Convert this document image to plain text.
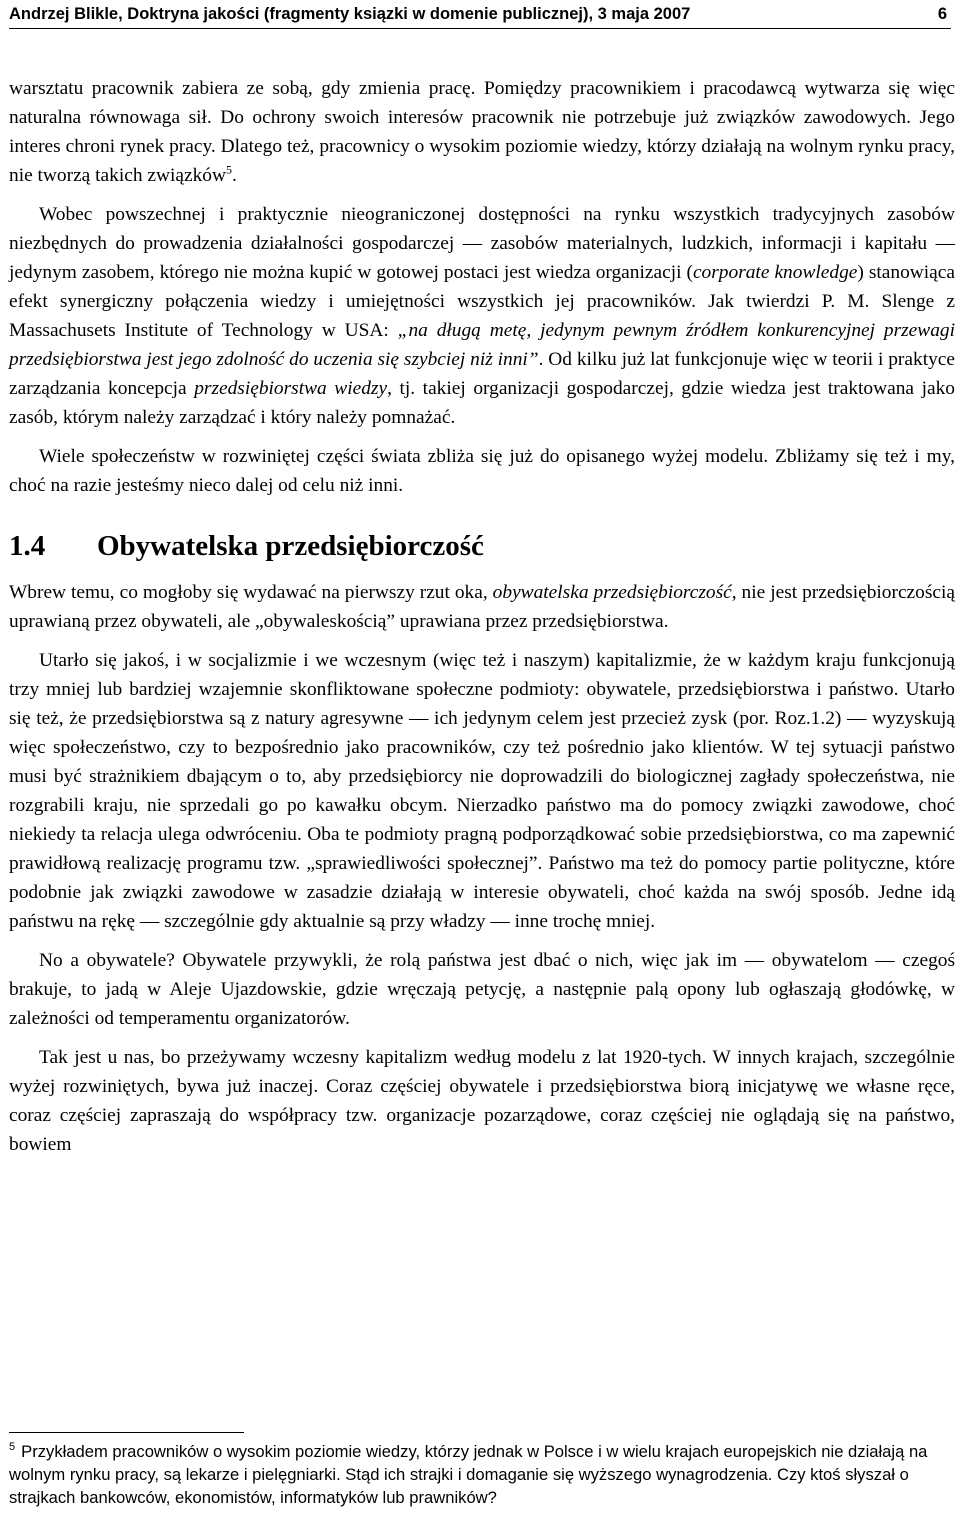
Andrzej Blikle, Doktryna jakości (fragmenty ksiązki w domenie publicznej), 3 maja 2007	6

warsztatu pracownik zabiera ze sobą, gdy zmienia pracę. Pomiędzy pracownikiem i pracodawcą wytwarza się więc naturalna równowaga sił. Do ochrony swoich interesów pracownik nie potrzebuje już związków zawodowych. Jego interes chroni rynek pracy. Dlatego też, pracownicy o wysokim poziomie wiedzy, którzy działają na wolnym rynku pracy, nie tworzą takich związków$^5$.

Wobec powszechnej i praktycznie nieograniczonej dostępności na rynku wszystkich tradycyjnych zasobów niezbędnych do prowadzenia działalności gospodarczej — zasobów materialnych, ludzkich, informacji i kapitału — jedynym zasobem, którego nie można kupić w gotowej postaci jest wiedza organizacji (corporate knowledge) stanowiąca efekt synergiczny połączenia wiedzy i umiejętności wszystkich jej pracowników. Jak twierdzi P. M. Slenge z Massachusets Institute of Technology w USA: „na długą metę, jedynym pewnym źródłem konkurencyjnej przewagi przedsiębiorstwa jest jego zdolność do uczenia się szybciej niż inni”. Od kilku już lat funkcjonuje więc w teorii i praktyce zarządzania koncepcja przedsiębiorstwa wiedzy, tj. takiej organizacji gospodarczej, gdzie wiedza jest traktowana jako zasób, którym należy zarządzać i który należy pomnażać.

Wiele społeczeństw w rozwiniętej części świata zbliża się już do opisanego wyżej modelu. Zbliżamy się też i my, choć na razie jesteśmy nieco dalej od celu niż inni.

1.4 Obywatelska przedsiębiorczość

Wbrew temu, co mogłoby się wydawać na pierwszy rzut oka, obywatelska przedsiębiorczość, nie jest przedsiębiorczością uprawianą przez obywateli, ale „obywaleskością” uprawiana przez przedsiębiorstwa.

Utarło się jakoś, i w socjalizmie i we wczesnym (więc też i naszym) kapitalizmie, że w każdym kraju funkcjonują trzy mniej lub bardziej wzajemnie skonfliktowane społeczne podmioty: obywatele, przedsiębiorstwa i państwo. Utarło się też, że przedsiębiorstwa są z natury agresywne — ich jedynym celem jest przecież zysk (por. Roz.1.2) — wyzyskują więc społeczeństwo, czy to bezpośrednio jako pracowników, czy też pośrednio jako klientów. W tej sytuacji państwo musi być strażnikiem dbającym o to, aby przedsiębiorcy nie doprowadzili do biologicznej zagłady społeczeństwa, nie rozgrabili kraju, nie sprzedali go po kawałku obcym. Nierzadko państwo ma do pomocy związki zawodowe, choć niekiedy ta relacja ulega odwróceniu. Oba te podmioty pragną podporządkować sobie przedsiębiorstwa, co ma zapewnić prawidłową realizację programu tzw. „sprawiedliwości społecznej”. Państwo ma też do pomocy partie polityczne, które podobnie jak związki zawodowe w zasadzie działają w interesie obywateli, choć każda na swój sposób. Jedne idą państwu na rękę — szczególnie gdy aktualnie są przy władzy — inne trochę mniej.

No a obywatele? Obywatele przywykli, że rolą państwa jest dbać o nich, więc jak im — obywatelom — czegoś brakuje, to jadą w Aleje Ujazdowskie, gdzie wręczają petycję, a następnie palą opony lub ogłaszają głodówkę, w zależności od temperamentu organizatorów.

Tak jest u nas, bo przeżywamy wczesny kapitalizm według modelu z lat 1920-tych. W innych krajach, szczególnie wyżej rozwiniętych, bywa już inaczej. Coraz częściej obywatele i przedsiębiorstwa biorą inicjatywę we własne ręce, coraz częściej zapraszają do współpracy tzw. organizacje pozarządowe, coraz częściej nie oglądają się na państwo, bowiem

$^5$ Przykładem pracowników o wysokim poziomie wiedzy, którzy jednak w Polsce i w wielu krajach europejskich nie działają na wolnym rynku pracy, są lekarze i pielęgniarki. Stąd ich strajki i domaganie się wyższego wynagrodzenia. Czy ktoś słyszał o strajkach bankowców, ekonomistów, informatyków lub prawników?
